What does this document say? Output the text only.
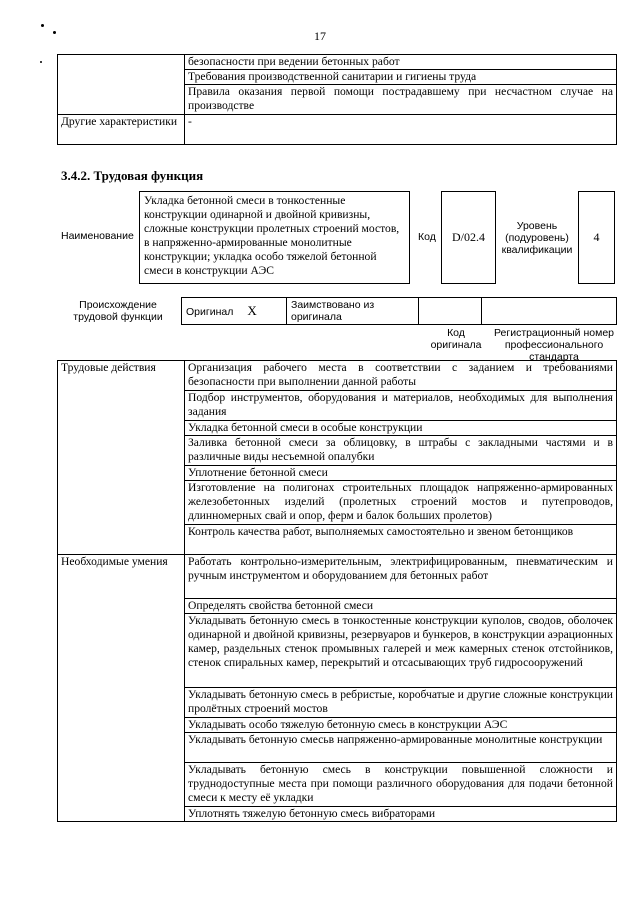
17
	безопасности при ведении бетонных работ
	Требования производственной санитарии и гигиены труда
	Правила оказания первой помощи пострадавшему при несчастном случае на производстве
Другие характеристики	-
3.4.2. Трудовая функция
Наименование
Укладка бетонной смеси в тонкостенные конструкции одинарной и двойной кривизны, сложные конструкции пролетных строений мостов, в напряженно-армированные монолитные конструкции; укладка особо тяжелой бетонной смеси в конструкции АЭС
Код D/02.4
Уровень (подуровень) квалификации
4
Происхождение трудовой функции	Оригинал X	Заимствовано из оригинала		
Код оригинала
Регистрационный номер профессионального стандарта
Трудовые действия	Организация рабочего места в соответствии с заданием и требованиями безопасности при выполнении данной работы
	Подбор инструментов, оборудования и материалов, необходимых для выполнения задания
	Укладка бетонной смеси в особые конструкции
	Заливка бетонной смеси за облицовку, в штрабы с закладными частями и в различные виды несъемной опалубки
	Уплотнение бетонной смеси
	Изготовление на полигонах строительных площадок напряженно-армированных железобетонных изделий (пролетных строений мостов и путепроводов, длинномерных свай и опор, ферм и балок больших пролетов)
	Контроль качества работ, выполняемых самостоятельно и звеном бетонщиков
Необходимые умения	Работать контрольно-измерительным, электрифицированным, пневматическим и ручным инструментом и оборудованием для бетонных работ
	Определять свойства бетонной смеси
	Укладывать бетонную смесь в тонкостенные конструкции куполов, сводов, оболочек одинарной и двойной кривизны, резервуаров и бункеров, в конструкции аэрационных камер, раздельных стенок промывных галерей и меж камерных стенок отстойников, стенок спиральных камер, перекрытий и отсасывающих труб гидросооружений
	Укладывать бетонную смесь в ребристые, коробчатые и другие сложные конструкции пролётных строений мостов
	Укладывать особо тяжелую бетонную смесь в конструкции АЭС
	Укладывать бетонную смесьв напряженно-армированные монолитные конструкции
	Укладывать бетонную смесь в конструкции повышенной сложности и труднодоступные места при помощи различного оборудования для подачи бетонной смеси к месту её укладки
	Уплотнять тяжелую бетонную смесь вибраторами
